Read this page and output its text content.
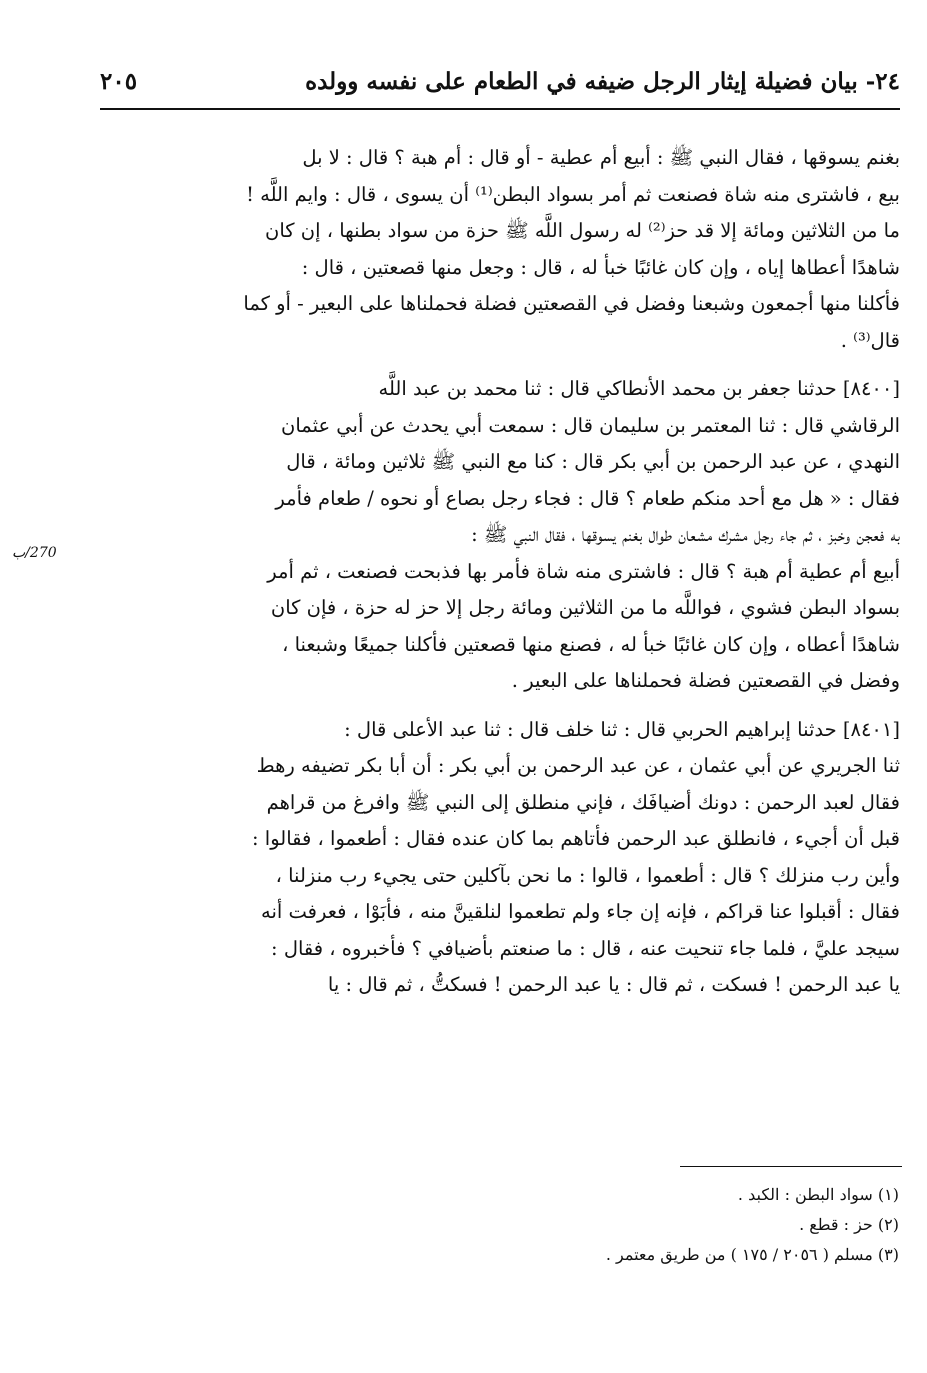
٢٤- بيان فضيلة إيثار الرجل ضيفه في الطعام على نفسه وولده
٢٠٥
270/ب
بغنم يسوقها ، فقال النبي ﷺ : أبيع أم عطية - أو قال : أم هبة ؟ قال : لا بل
بيع ، فاشترى منه شاة فصنعت ثم أمر بسواد البطن⁽¹⁾ أن يسوى ، قال : وايم اللَّه !
ما من الثلاثين ومائة إلا قد حز⁽²⁾ له رسول اللَّه ﷺ حزة من سواد بطنها ، إن كان
شاهدًا أعطاها إياه ، وإن كان غائبًا خبأ له ، قال : وجعل منها قصعتين ، قال :
فأكلنا منها أجمعون وشبعنا وفضل في القصعتين فضلة فحملناها على البعير - أو كما
قال⁽³⁾ .
[٨٤٠٠] حدثنا جعفر بن محمد الأنطاكي قال : ثنا محمد بن عبد اللَّه
الرقاشي قال : ثنا المعتمر بن سليمان قال : سمعت أبي يحدث عن أبي عثمان
النهدي ، عن عبد الرحمن بن أبي بكر قال : كنا مع النبي ﷺ ثلاثين ومائة ، قال
فقال : « هل مع أحد منكم طعام ؟ قال : فجاء رجل بصاع أو نحوه / طعام فأمر
به فعجن وخبز ، ثم جاء رجل مشرك مشعان طوال بغنم يسوقها ، فقال النبي ﷺ :
أبيع أم عطية أم هبة ؟ قال : فاشترى منه شاة فأمر بها فذبحت فصنعت ، ثم أمر
بسواد البطن فشوي ، فواللَّه ما من الثلاثين ومائة رجل إلا حز له حزة ، فإن كان
شاهدًا أعطاه ، وإن كان غائبًا خبأ له ، فصنع منها قصعتين فأكلنا جميعًا وشبعنا ،
وفضل في القصعتين فضلة فحملناها على البعير .
[٨٤٠١] حدثنا إبراهيم الحربي قال : ثنا خلف قال : ثنا عبد الأعلى قال :
ثنا الجريري عن أبي عثمان ، عن عبد الرحمن بن أبي بكر : أن أبا بكر تضيفه رهط
فقال لعبد الرحمن : دونك أضيافَك ، فإني منطلق إلى النبي ﷺ وافرغ من قراهم
قبل أن أجيء ، فانطلق عبد الرحمن فأتاهم بما كان عنده فقال : أطعموا ، فقالوا :
وأين رب منزلك ؟ قال : أطعموا ، قالوا : ما نحن بآكلين حتى يجيء رب منزلنا ،
فقال : أقبلوا عنا قراكم ، فإنه إن جاء ولم تطعموا لنلقينَّ منه ، فأبَوْا ، فعرفت أنه
سيجد عليَّ ، فلما جاء تنحيت عنه ، قال : ما صنعتم بأضيافي ؟ فأخبروه ، فقال :
يا عبد الرحمن ! فسكت ، ثم قال : يا عبد الرحمن ! فسكتُّ ، ثم قال : يا
(١) سواد البطن : الكبد .
(٢) حز : قطع .
(٣) مسلم ( ٢٠٥٦ / ١٧٥ ) من طريق معتمر .
